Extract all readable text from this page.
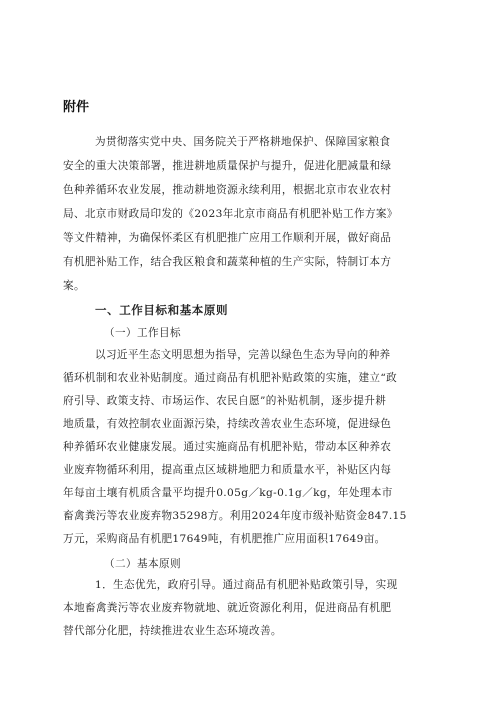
附件
为贯彻落实党中央、国务院关于严格耕地保护、保障国家粮食
安全的重大决策部署，推进耕地质量保护与提升，促进化肥减量和绿
色种养循环农业发展，推动耕地资源永续利用，根据北京市农业农村
局、北京市财政局印发的《2023年北京市商品有机肥补贴工作方案》
等文件精神，为确保怀柔区有机肥推广应用工作顺利开展，做好商品
有机肥补贴工作，结合我区粮食和蔬菜种植的生产实际，特制订本方
案。
一、工作目标和基本原则
（一）工作目标
以习近平生态文明思想为指导，完善以绿色生态为导向的种养
循环机制和农业补贴制度。通过商品有机肥补贴政策的实施，建立“政
府引导、政策支持、市场运作、农民自愿”的补贴机制，逐步提升耕
地质量，有效控制农业面源污染，持续改善农业生态环境，促进绿色
种养循环农业健康发展。通过实施商品有机肥补贴，带动本区种养农
业废弃物循环利用，提高重点区域耕地肥力和质量水平，补贴区内每
年每亩土壤有机质含量平均提升0.05g／kg-0.1g／kg，年处理本市
畜禽粪污等农业废弃物35298方。利用2024年度市级补贴资金847.15
万元，采购商品有机肥17649吨，有机肥推广应用面积17649亩。
（二）基本原则
1．生态优先，政府引导。通过商品有机肥补贴政策引导，实现
本地畜禽粪污等农业废弃物就地、就近资源化利用，促进商品有机肥
替代部分化肥，持续推进农业生态环境改善。
